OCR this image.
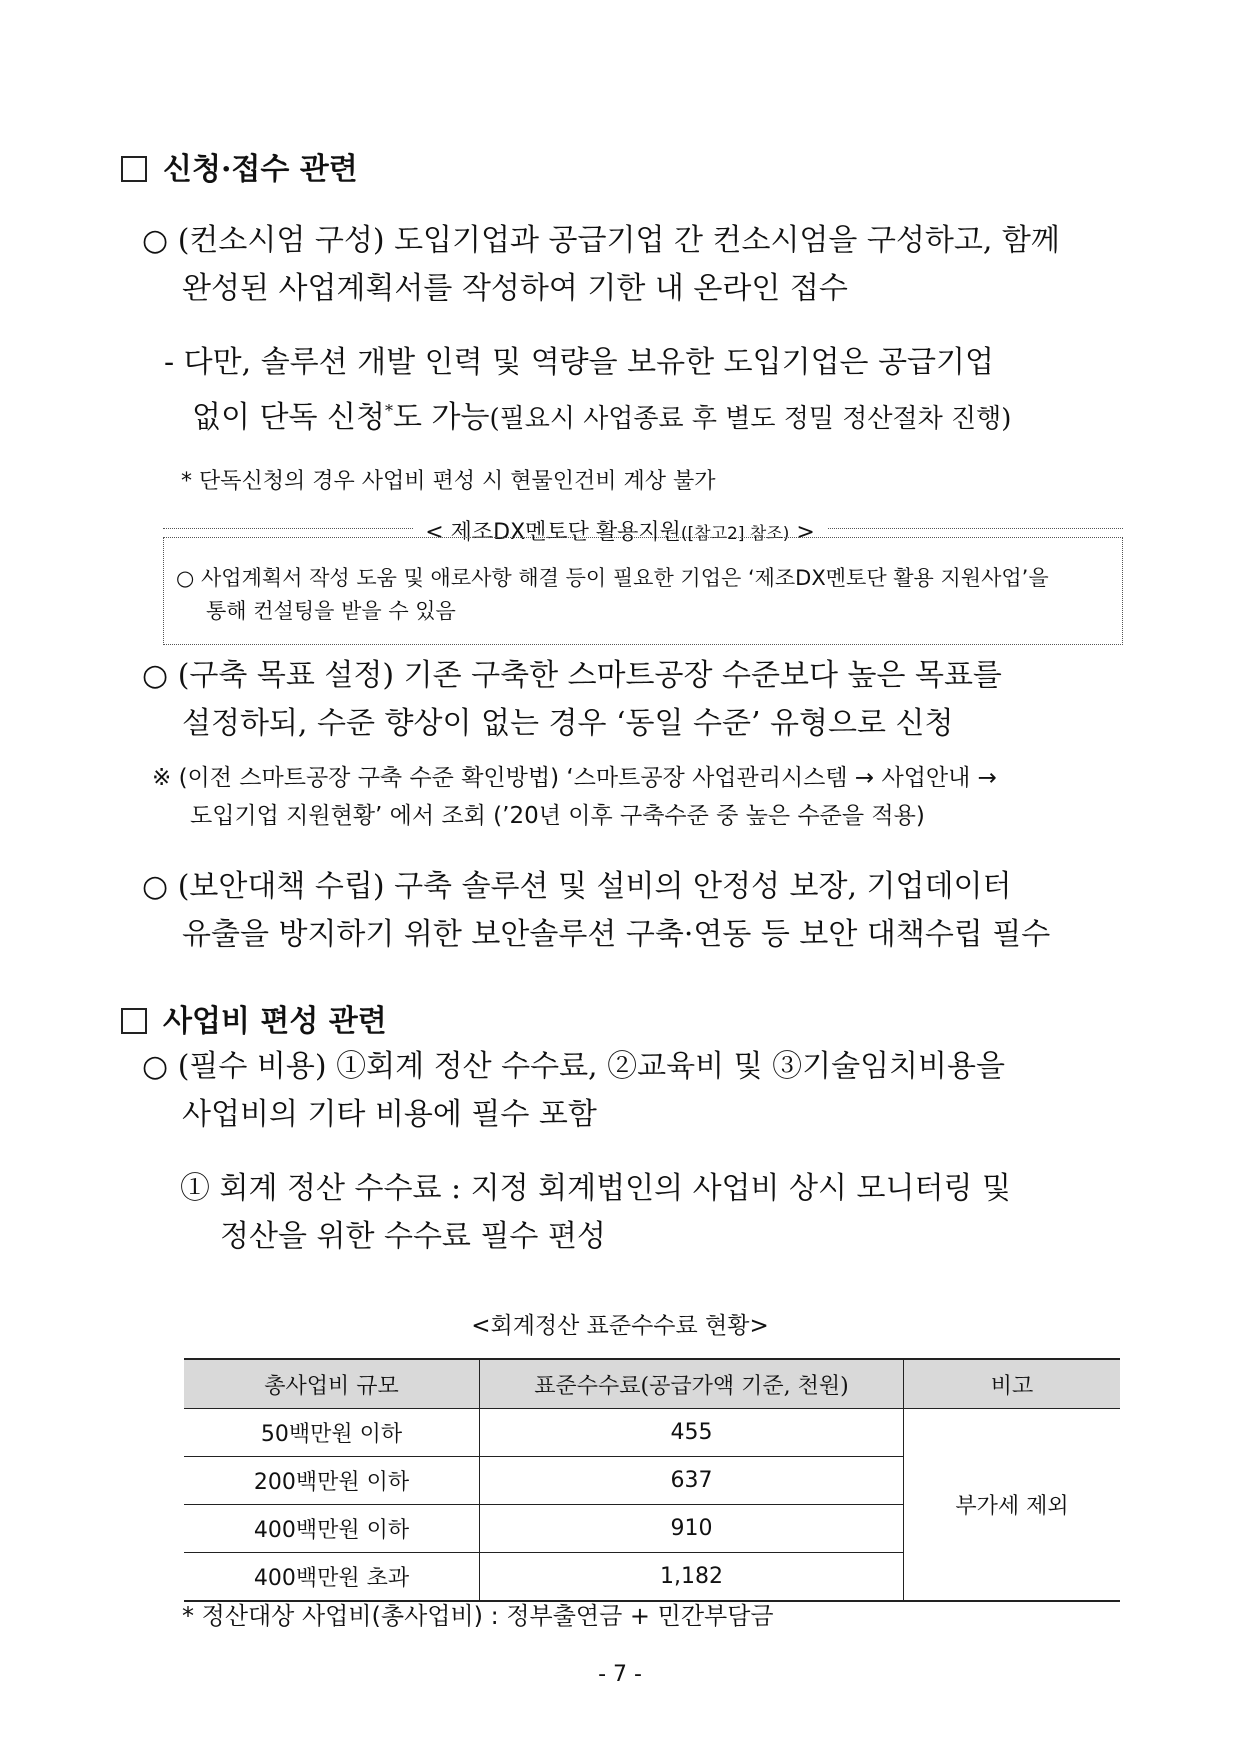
신청·접수 관련
○ (컨소시엄 구성) 도입기업과 공급기업 간 컨소시엄을 구성하고, 함께
완성된 사업계획서를 작성하여 기한 내 온라인 접수
- 다만, 솔루션 개발 인력 및 역량을 보유한 도입기업은 공급기업
없이 단독 신청*도 가능(필요시 사업종료 후 별도 정밀 정산절차 진행)
* 단독신청의 경우 사업비 편성 시 현물인건비 계상 불가
< 제조DX멘토단 활용지원([참고2] 참조) >
○ 사업계획서 작성 도움 및 애로사항 해결 등이 필요한 기업은 ‘제조DX멘토단 활용 지원사업’을
통해 컨설팅을 받을 수 있음
○ (구축 목표 설정) 기존 구축한 스마트공장 수준보다 높은 목표를
설정하되, 수준 향상이 없는 경우 ‘동일 수준’ 유형으로 신청
※ (이전 스마트공장 구축 수준 확인방법) ‘스마트공장 사업관리시스템 → 사업안내 →
도입기업 지원현황’ 에서 조회 (’20년 이후 구축수준 중 높은 수준을 적용)
○ (보안대책 수립) 구축 솔루션 및 설비의 안정성 보장, 기업데이터
유출을 방지하기 위한 보안솔루션 구축·연동 등 보안 대책수립 필수
사업비 편성 관련
○ (필수 비용) ①회계 정산 수수료, ②교육비 및 ③기술임치비용을
사업비의 기타 비용에 필수 포함
① 회계 정산 수수료 : 지정 회계법인의 사업비 상시 모니터링 및
정산을 위한 수수료 필수 편성
<회계정산 표준수수료 현황>
총사업비 규모	표준수수료(공급가액 기준, 천원)	비고
50백만원 이하	455	부가세 제외
200백만원 이하	637	
400백만원 이하	910	
400백만원 초과	1,182	
* 정산대상 사업비(총사업비) : 정부출연금 + 민간부담금
- 7 -
